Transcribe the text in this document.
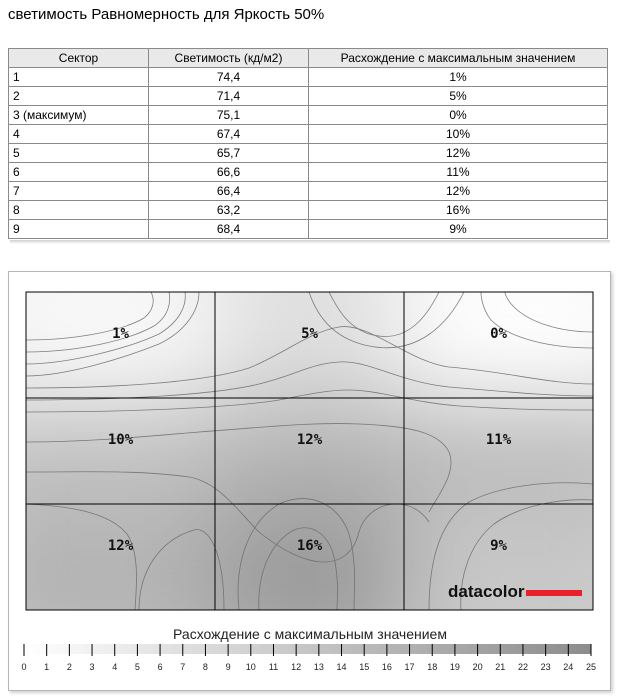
светимость Равномерность для Яркость 50%
Сектор	Светимость (кд/м2)	Расхождение с максимальным значением
1	74,4	1%
2	71,4	5%
3 (максимум)	75,1	0%
4	67,4	10%
5	65,7	12%
6	66,6	11%
7	66,4	12%
8	63,2	16%
9	68,4	9%
1%	5%	0%
10%	12%	11%
12%	16%	9%
datacolor
Расхождение с максимальным значением
0 1 2 3 4 5 6 7 8 9 10 11 12 13 14 15 16 17 18 19 20 21 22 23 24 25
